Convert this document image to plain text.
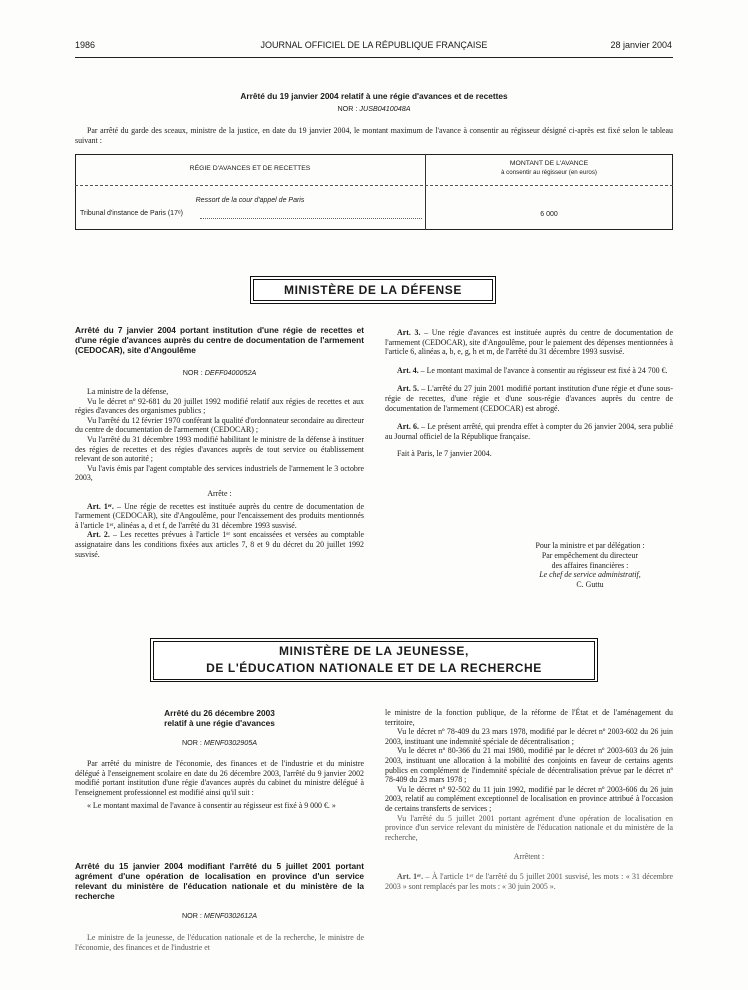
1986	JOURNAL OFFICIEL DE LA RÉPUBLIQUE FRANÇAISE	28 janvier 2004
Arrêté du 19 janvier 2004 relatif à une régie d'avances et de recettes
NOR : JUSB0410048A

Par arrêté du garde des sceaux, ministre de la justice, en date du 19 janvier 2004, le montant maximum de l'avance à consentir au régisseur désigné ci-après est fixé selon le tableau suivant :

RÉGIE D'AVANCES ET DE RECETTES
MONTANT DE L'AVANCE
à consentir au régisseur (en euros)
Ressort de la cour d'appel de Paris
Tribunal d'instance de Paris (17ᵉ)	6 000
MINISTÈRE DE LA DÉFENSE
Arrêté du 7 janvier 2004 portant institution d'une régie de recettes et d'une régie d'avances auprès du centre de documentation de l'armement (CEDOCAR), site d'Angoulême
NOR : DEFF0400052A

La ministre de la défense,

Vu le décret nº 92-681 du 20 juillet 1992 modifié relatif aux régies de recettes et aux régies d'avances des organismes publics ;

Vu l'arrêté du 12 février 1970 conférant la qualité d'ordonnateur secondaire au directeur du centre de documentation de l'armement (CEDOCAR) ;

Vu l'arrêté du 31 décembre 1993 modifié habilitant le ministre de la défense à instituer des régies de recettes et des régies d'avances auprès de tout service ou établissement relevant de son autorité ;

Vu l'avis émis par l'agent comptable des services industriels de l'armement le 3 octobre 2003,

Arrête :

Art. 1ᵉʳ. – Une régie de recettes est instituée auprès du centre de documentation de l'armement (CEDOCAR), site d'Angoulême, pour l'encaissement des produits mentionnés à l'article 1ᵉʳ, alinéas a, d et f, de l'arrêté du 31 décembre 1993 susvisé.

Art. 2. – Les recettes prévues à l'article 1ᵉʳ sont encaissées et versées au comptable assignataire dans les conditions fixées aux articles 7, 8 et 9 du décret du 20 juillet 1992 susvisé.

Art. 3. – Une régie d'avances est instituée auprès du centre de documentation de l'armement (CEDOCAR), site d'Angoulême, pour le paiement des dépenses mentionnées à l'article 6, alinéas a, b, e, g, h et m, de l'arrêté du 31 décembre 1993 susvisé.

Art. 4. – Le montant maximal de l'avance à consentir au régisseur est fixé à 24 700 €.

Art. 5. – L'arrêté du 27 juin 2001 modifié portant institution d'une régie et d'une sous-régie de recettes, d'une régie et d'une sous-régie d'avances auprès du centre de documentation de l'armement (CEDOCAR) est abrogé.

Art. 6. – Le présent arrêté, qui prendra effet à compter du 26 janvier 2004, sera publié au Journal officiel de la République française.

Fait à Paris, le 7 janvier 2004.

Pour la ministre et par délégation :
Par empêchement du directeur
des affaires financières :
Le chef de service administratif,
C. Guttu
MINISTÈRE DE LA JEUNESSE,
DE L'ÉDUCATION NATIONALE ET DE LA RECHERCHE
Arrêté du 26 décembre 2003
relatif à une régie d'avances
NOR : MENF0302905A

Par arrêté du ministre de l'économie, des finances et de l'industrie et du ministre délégué à l'enseignement scolaire en date du 26 décembre 2003, l'arrêté du 9 janvier 2002 modifié portant institution d'une régie d'avances auprès du cabinet du ministre délégué à l'enseignement professionnel est modifié ainsi qu'il suit :

« Le montant maximal de l'avance à consentir au régisseur est fixé à 9 000 €. »

Arrêté du 15 janvier 2004 modifiant l'arrêté du 5 juillet 2001 portant agrément d'une opération de localisation en province d'un service relevant du ministère de l'éducation nationale et du ministère de la recherche
NOR : MENF0302612A

Le ministre de la jeunesse, de l'éducation nationale et de la recherche, le ministre de l'économie, des finances et de l'industrie et

le ministre de la fonction publique, de la réforme de l'État et de l'aménagement du territoire,

Vu le décret nº 78-409 du 23 mars 1978, modifié par le décret nº 2003-602 du 26 juin 2003, instituant une indemnité spéciale de décentralisation ;

Vu le décret nº 80-366 du 21 mai 1980, modifié par le décret nº 2003-603 du 26 juin 2003, instituant une allocation à la mobilité des conjoints en faveur de certains agents publics en complément de l'indemnité spéciale de décentralisation prévue par le décret nº 78-409 du 23 mars 1978 ;

Vu le décret nº 92-502 du 11 juin 1992, modifié par le décret nº 2003-606 du 26 juin 2003, relatif au complément exceptionnel de localisation en province attribué à l'occasion de certains transferts de services ;

Vu l'arrêté du 5 juillet 2001 portant agrément d'une opération de localisation en province d'un service relevant du ministère de l'éducation nationale et du ministère de la recherche,

Arrêtent :

Art. 1ᵉʳ. – À l'article 1ᵉʳ de l'arrêté du 5 juillet 2001 susvisé, les mots : « 31 décembre 2003 » sont remplacés par les mots : « 30 juin 2005 ».
